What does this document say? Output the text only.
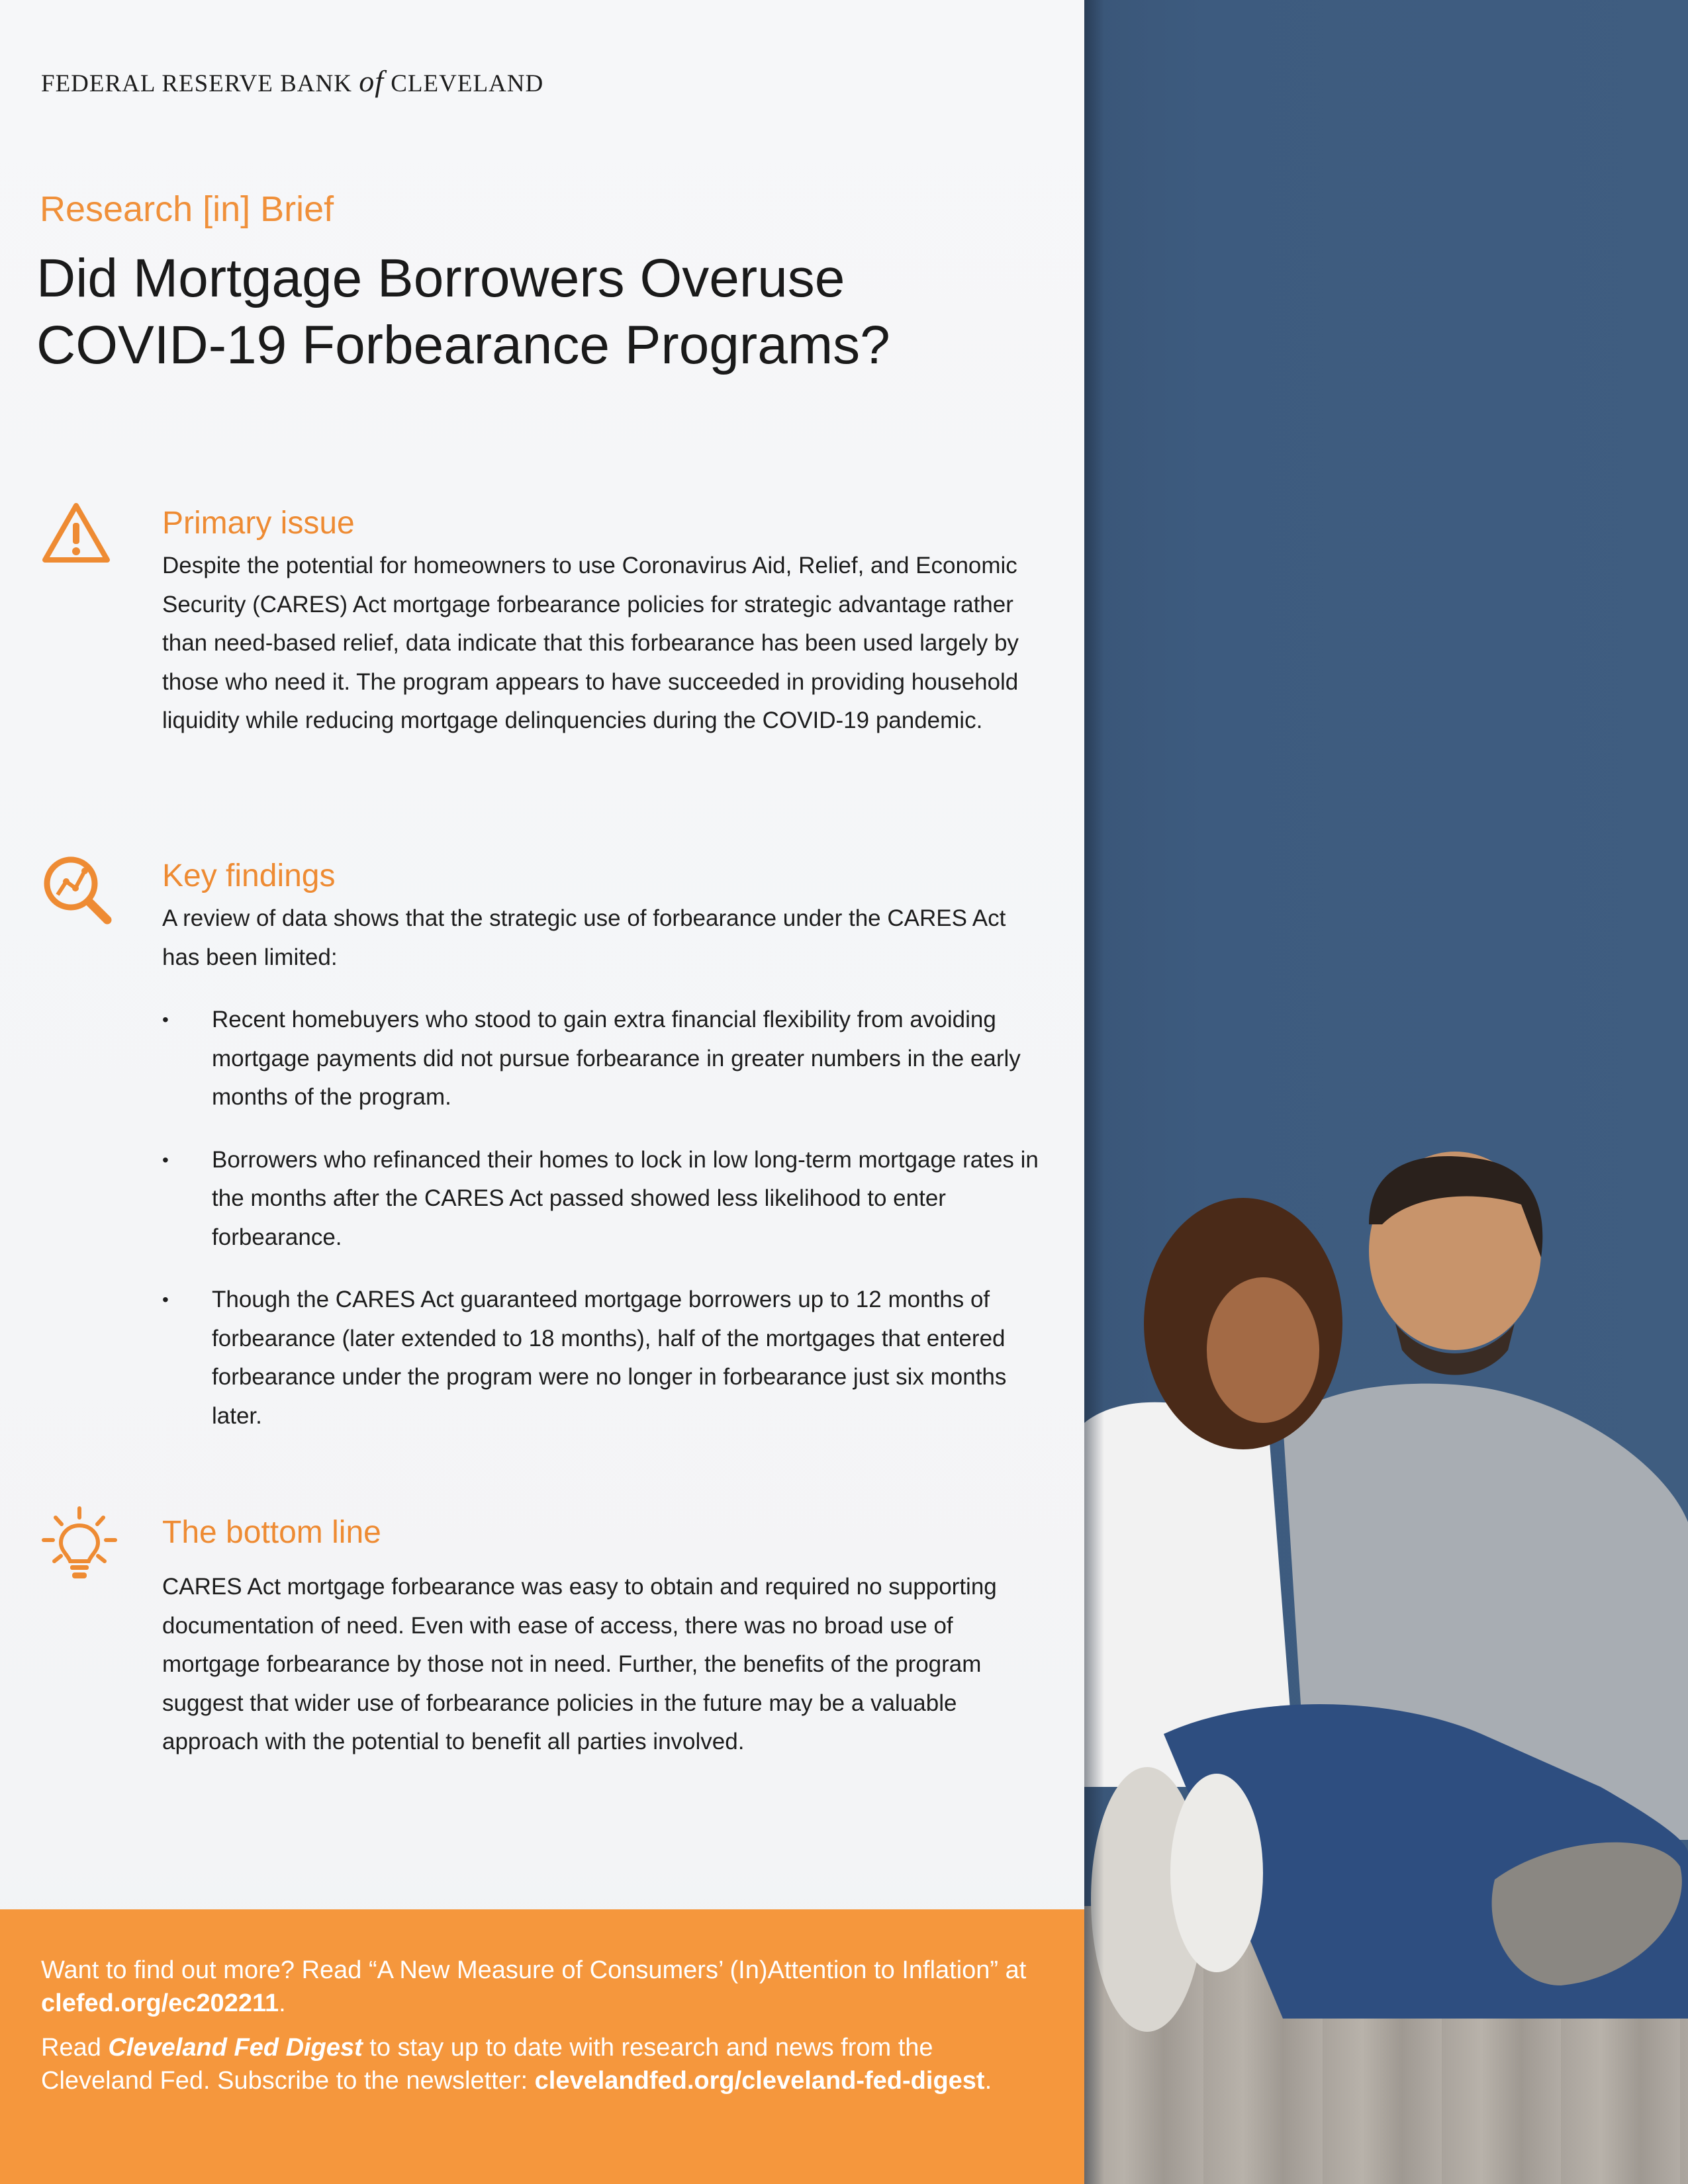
FEDERAL RESERVE BANK of CLEVELAND
Research [in] Brief
Did Mortgage Borrowers Overuse
COVID-19 Forbearance Programs?
Primary issue

Despite the potential for homeowners to use Coronavirus Aid, Relief, and Economic Security (CARES) Act mortgage forbearance policies for strategic advantage rather than need-based relief, data indicate that this forbearance has been used largely by those who need it. The program appears to have succeeded in providing household liquidity while reducing mortgage delinquencies during the COVID-19 pandemic.

Key findings

A review of data shows that the strategic use of forbearance under the CARES Act has been limited:

• Recent homebuyers who stood to gain extra financial flexibility from avoiding mortgage payments did not pursue forbearance in greater numbers in the early months of the program.
• Borrowers who refinanced their homes to lock in low long-term mortgage rates in the months after the CARES Act passed showed less likelihood to enter forbearance.
• Though the CARES Act guaranteed mortgage borrowers up to 12 months of forbearance (later extended to 18 months), half of the mortgages that entered forbearance under the program were no longer in forbearance just six months later.
The bottom line

CARES Act mortgage forbearance was easy to obtain and required no supporting documentation of need. Even with ease of access, there was no broad use of mortgage forbearance by those not in need. Further, the benefits of the program suggest that wider use of forbearance policies in the future may be a valuable approach with the potential to benefit all parties involved.

Want to find out more? Read “A New Measure of Consumers’ (In)Attention to Inflation” at clefed.org/ec202211.

Read Cleveland Fed Digest to stay up to date with research and news from the Cleveland Fed. Subscribe to the newsletter: clevelandfed.org/cleveland-fed-digest.
